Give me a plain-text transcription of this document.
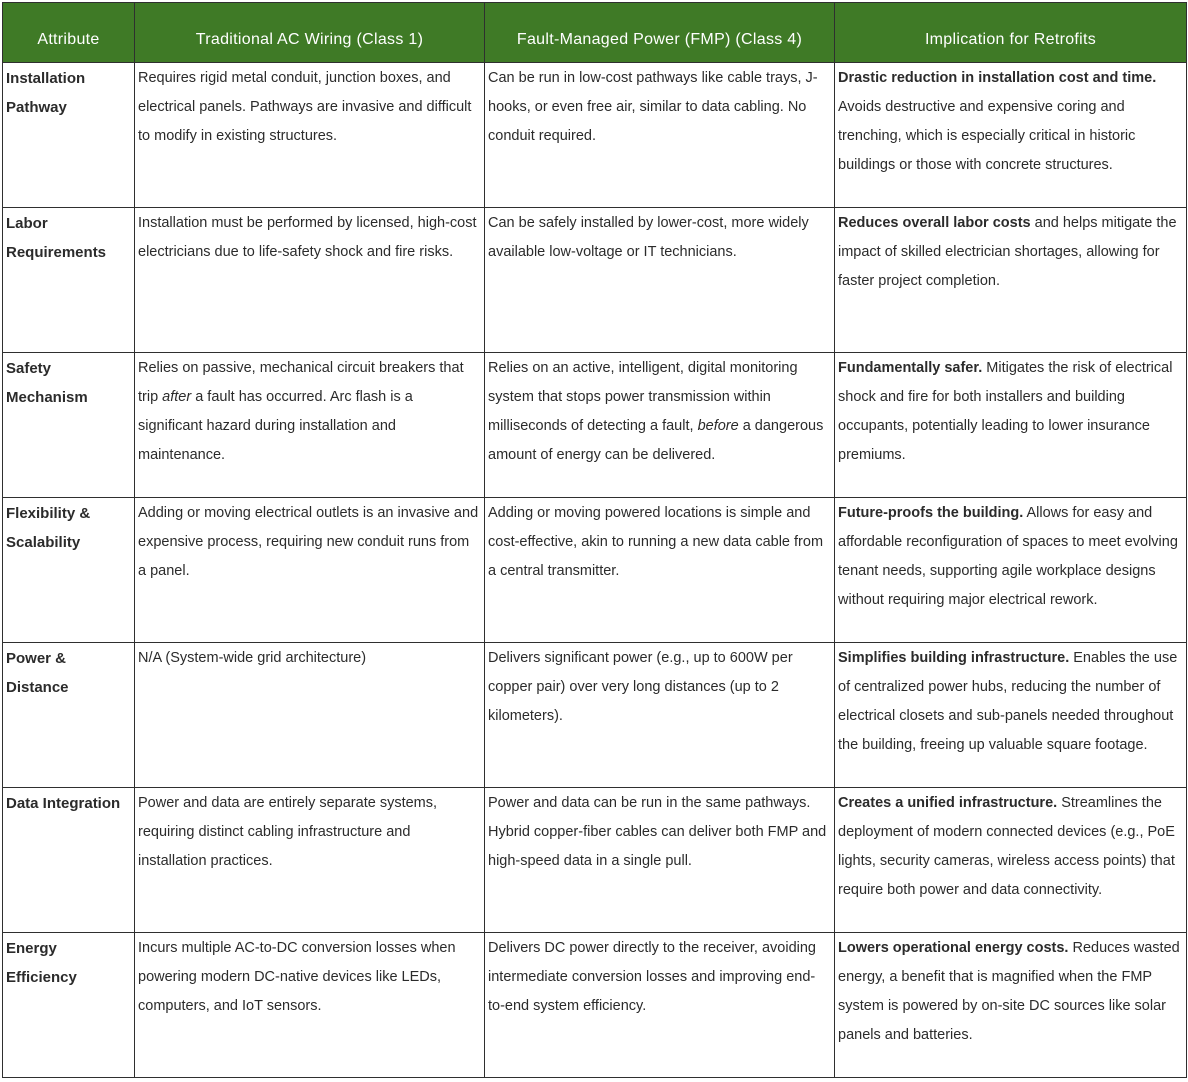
Attribute	Traditional AC Wiring (Class 1)	Fault-Managed Power (FMP) (Class 4)	Implication for Retrofits
Installation Pathway	Requires rigid metal conduit, junction boxes, and electrical panels. Pathways are invasive and difficult to modify in existing structures.	Can be run in low-cost pathways like cable trays, J-hooks, or even free air, similar to data cabling. No conduit required.	Drastic reduction in installation cost and time. Avoids destructive and expensive coring and trenching, which is especially critical in historic buildings or those with concrete structures.
Labor Requirements	Installation must be performed by licensed, high-cost electricians due to life-safety shock and fire risks.	Can be safely installed by lower-cost, more widely available low-voltage or IT technicians.	Reduces overall labor costs and helps mitigate the impact of skilled electrician shortages, allowing for faster project completion.
Safety Mechanism	Relies on passive, mechanical circuit breakers that trip after a fault has occurred. Arc flash is a significant hazard during installation and maintenance.	Relies on an active, intelligent, digital monitoring system that stops power transmission within milliseconds of detecting a fault, before a dangerous amount of energy can be delivered.	Fundamentally safer. Mitigates the risk of electrical shock and fire for both installers and building occupants, potentially leading to lower insurance premiums.
Flexibility & Scalability	Adding or moving electrical outlets is an invasive and expensive process, requiring new conduit runs from a panel.	Adding or moving powered locations is simple and cost-effective, akin to running a new data cable from a central transmitter.	Future-proofs the building. Allows for easy and affordable reconfiguration of spaces to meet evolving tenant needs, supporting agile workplace designs without requiring major electrical rework.
Power & Distance	N/A (System-wide grid architecture)	Delivers significant power (e.g., up to 600W per copper pair) over very long distances (up to 2 kilometers).	Simplifies building infrastructure. Enables the use of centralized power hubs, reducing the number of electrical closets and sub-panels needed throughout the building, freeing up valuable square footage.
Data Integration	Power and data are entirely separate systems, requiring distinct cabling infrastructure and installation practices.	Power and data can be run in the same pathways. Hybrid copper-fiber cables can deliver both FMP and high-speed data in a single pull.	Creates a unified infrastructure. Streamlines the deployment of modern connected devices (e.g., PoE lights, security cameras, wireless access points) that require both power and data connectivity.
Energy Efficiency	Incurs multiple AC-to-DC conversion losses when powering modern DC-native devices like LEDs, computers, and IoT sensors.	Delivers DC power directly to the receiver, avoiding intermediate conversion losses and improving end-to-end system efficiency.	Lowers operational energy costs. Reduces wasted energy, a benefit that is magnified when the FMP system is powered by on-site DC sources like solar panels and batteries.
